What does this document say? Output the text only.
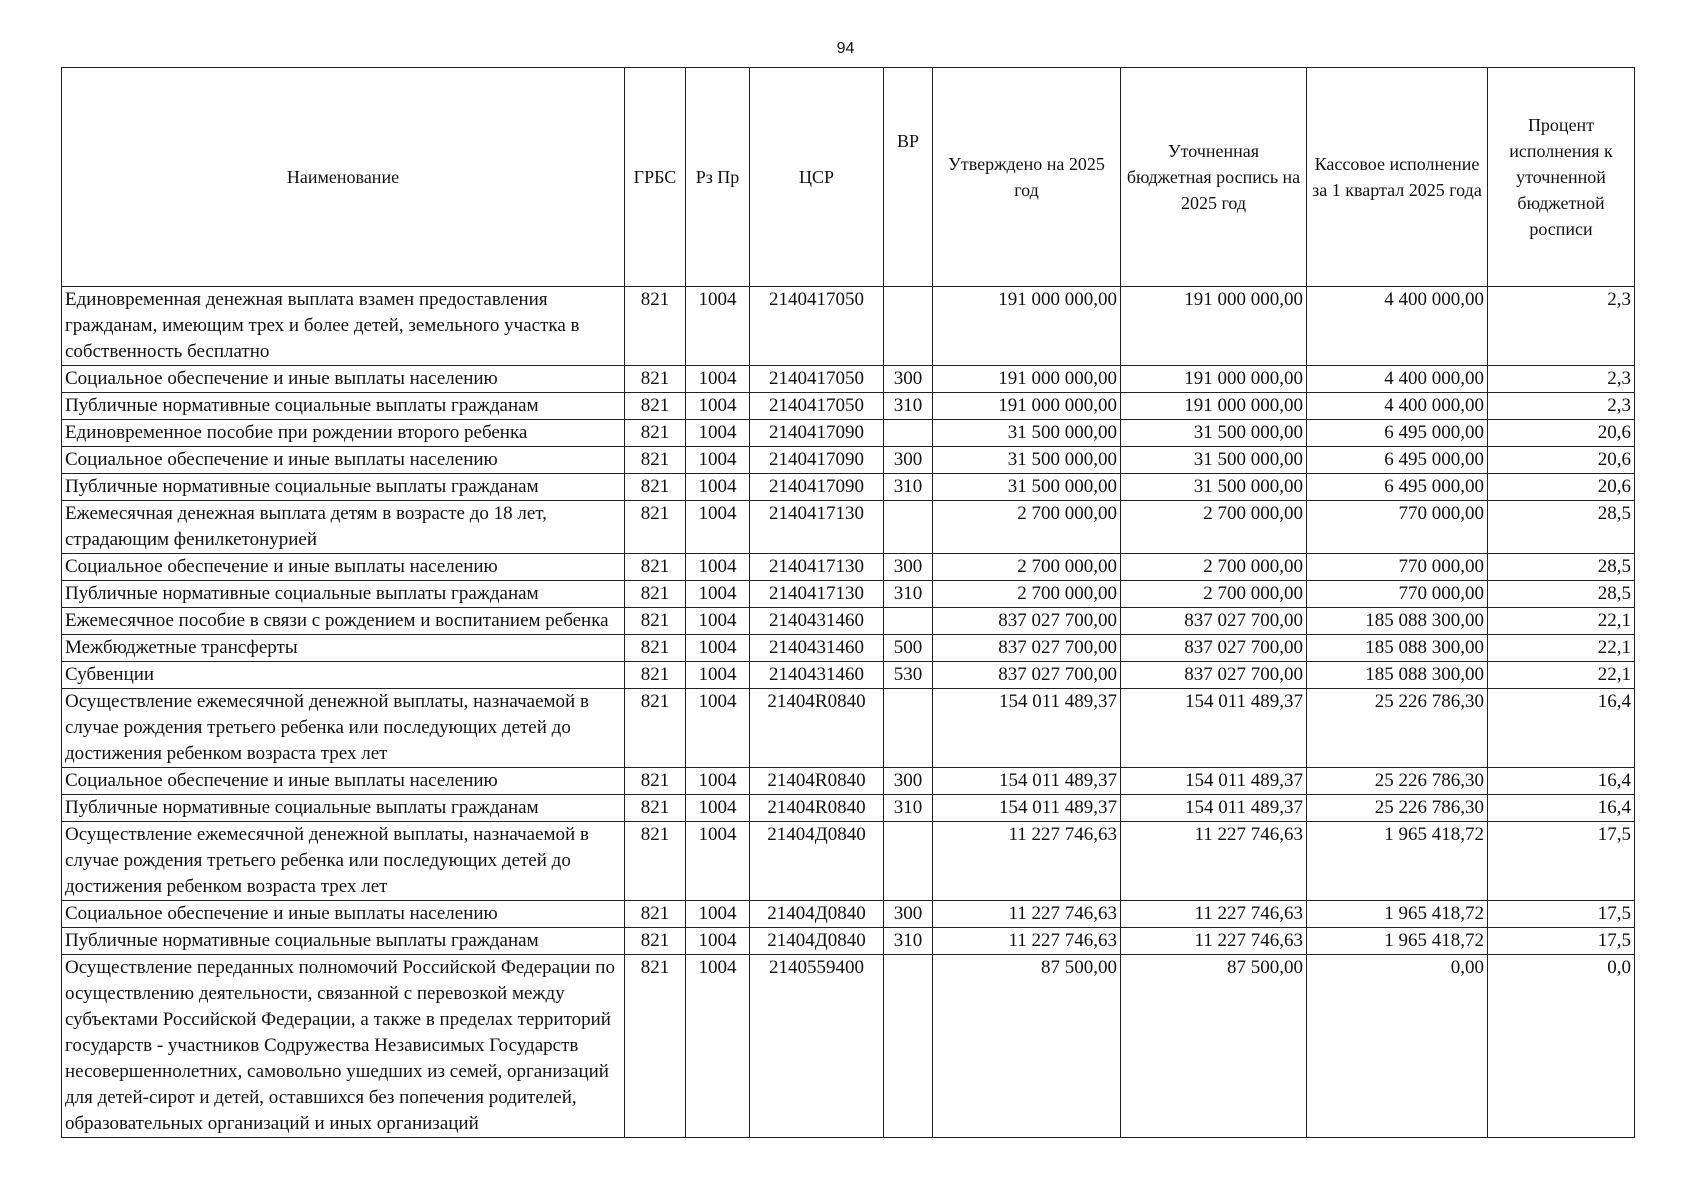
94
Наименование	ГРБС	Рз Пр	ЦСР	ВР	Утверждено на 2025 год	Уточненная бюджетная роспись на 2025 год	Кассовое исполнение за 1 квартал 2025 года	Процент исполнения к уточненной бюджетной росписи
Единовременная денежная выплата взамен предоставления гражданам, имеющим трех и более детей, земельного участка в собственность бесплатно	821	1004	2140417050		191 000 000,00	191 000 000,00	4 400 000,00	2,3
Социальное обеспечение и иные выплаты населению	821	1004	2140417050	300	191 000 000,00	191 000 000,00	4 400 000,00	2,3
Публичные нормативные социальные выплаты гражданам	821	1004	2140417050	310	191 000 000,00	191 000 000,00	4 400 000,00	2,3
Единовременное пособие при рождении второго ребенка	821	1004	2140417090		31 500 000,00	31 500 000,00	6 495 000,00	20,6
Социальное обеспечение и иные выплаты населению	821	1004	2140417090	300	31 500 000,00	31 500 000,00	6 495 000,00	20,6
Публичные нормативные социальные выплаты гражданам	821	1004	2140417090	310	31 500 000,00	31 500 000,00	6 495 000,00	20,6
Ежемесячная денежная выплата детям в возрасте до 18 лет, страдающим фенилкетонурией	821	1004	2140417130		2 700 000,00	2 700 000,00	770 000,00	28,5
Социальное обеспечение и иные выплаты населению	821	1004	2140417130	300	2 700 000,00	2 700 000,00	770 000,00	28,5
Публичные нормативные социальные выплаты гражданам	821	1004	2140417130	310	2 700 000,00	2 700 000,00	770 000,00	28,5
Ежемесячное пособие в связи с рождением и воспитанием ребенка	821	1004	2140431460		837 027 700,00	837 027 700,00	185 088 300,00	22,1
Межбюджетные трансферты	821	1004	2140431460	500	837 027 700,00	837 027 700,00	185 088 300,00	22,1
Субвенции	821	1004	2140431460	530	837 027 700,00	837 027 700,00	185 088 300,00	22,1
Осуществление ежемесячной денежной выплаты, назначаемой в случае рождения третьего ребенка или последующих детей до достижения ребенком возраста трех лет	821	1004	21404R0840		154 011 489,37	154 011 489,37	25 226 786,30	16,4
Социальное обеспечение и иные выплаты населению	821	1004	21404R0840	300	154 011 489,37	154 011 489,37	25 226 786,30	16,4
Публичные нормативные социальные выплаты гражданам	821	1004	21404R0840	310	154 011 489,37	154 011 489,37	25 226 786,30	16,4
Осуществление ежемесячной денежной выплаты, назначаемой в случае рождения третьего ребенка или последующих детей до достижения ребенком возраста трех лет	821	1004	21404Д0840		11 227 746,63	11 227 746,63	1 965 418,72	17,5
Социальное обеспечение и иные выплаты населению	821	1004	21404Д0840	300	11 227 746,63	11 227 746,63	1 965 418,72	17,5
Публичные нормативные социальные выплаты гражданам	821	1004	21404Д0840	310	11 227 746,63	11 227 746,63	1 965 418,72	17,5
Осуществление переданных полномочий Российской Федерации по осуществлению деятельности, связанной с перевозкой между субъектами Российской Федерации, а также в пределах территорий государств - участников Содружества Независимых Государств несовершеннолетних, самовольно ушедших из семей, организаций для детей-сирот и детей, оставшихся без попечения родителей, образовательных организаций и иных организаций	821	1004	2140559400		87 500,00	87 500,00	0,00	0,0
